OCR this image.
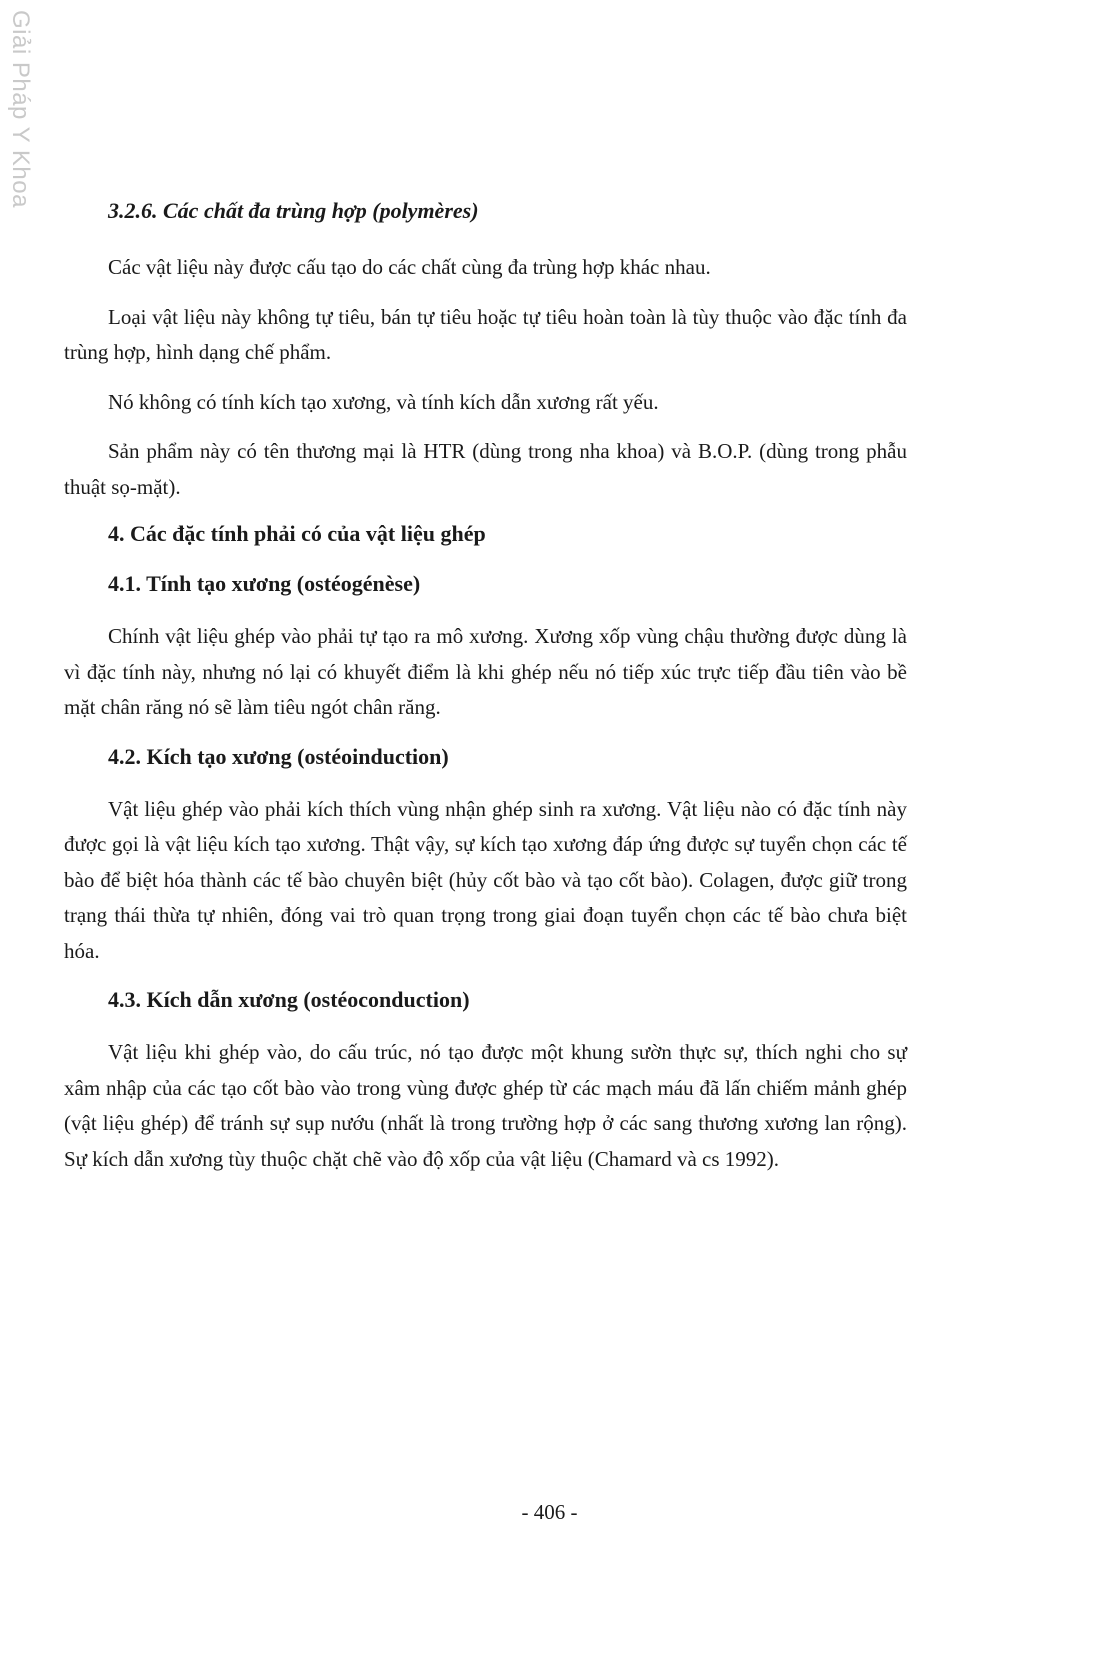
Giải Pháp Y Khoa
3.2.6. Các chất đa trùng hợp (polymères)

Các vật liệu này được cấu tạo do các chất cùng đa trùng hợp khác nhau.

Loại vật liệu này không tự tiêu, bán tự tiêu hoặc tự tiêu hoàn toàn là tùy thuộc vào đặc tính đa trùng hợp, hình dạng chế phẩm.

Nó không có tính kích tạo xương, và tính kích dẫn xương rất yếu.

Sản phẩm này có tên thương mại là HTR (dùng trong nha khoa) và B.O.P. (dùng trong phẫu thuật sọ-mặt).

4. Các đặc tính phải có của vật liệu ghép
4.1. Tính tạo xương (ostéogénèse)

Chính vật liệu ghép vào phải tự tạo ra mô xương. Xương xốp vùng chậu thường được dùng là vì đặc tính này, nhưng nó lại có khuyết điểm là khi ghép nếu nó tiếp xúc trực tiếp đầu tiên vào bề mặt chân răng nó sẽ làm tiêu ngót chân răng.

4.2. Kích tạo xương (ostéoinduction)

Vật liệu ghép vào phải kích thích vùng nhận ghép sinh ra xương. Vật liệu nào có đặc tính này được gọi là vật liệu kích tạo xương. Thật vậy, sự kích tạo xương đáp ứng được sự tuyển chọn các tế bào để biệt hóa thành các tế bào chuyên biệt (hủy cốt bào và tạo cốt bào). Colagen, được giữ trong trạng thái thừa tự nhiên, đóng vai trò quan trọng trong giai đoạn tuyển chọn các tế bào chưa biệt hóa.

4.3. Kích dẫn xương (ostéoconduction)

Vật liệu khi ghép vào, do cấu trúc, nó tạo được một khung sườn thực sự, thích nghi cho sự xâm nhập của các tạo cốt bào vào trong vùng được ghép từ các mạch máu đã lấn chiếm mảnh ghép (vật liệu ghép) để tránh sự sụp nướu (nhất là trong trường hợp ở các sang thương xương lan rộng). Sự kích dẫn xương tùy thuộc chặt chẽ vào độ xốp của vật liệu (Chamard và cs 1992).

- 406 -
